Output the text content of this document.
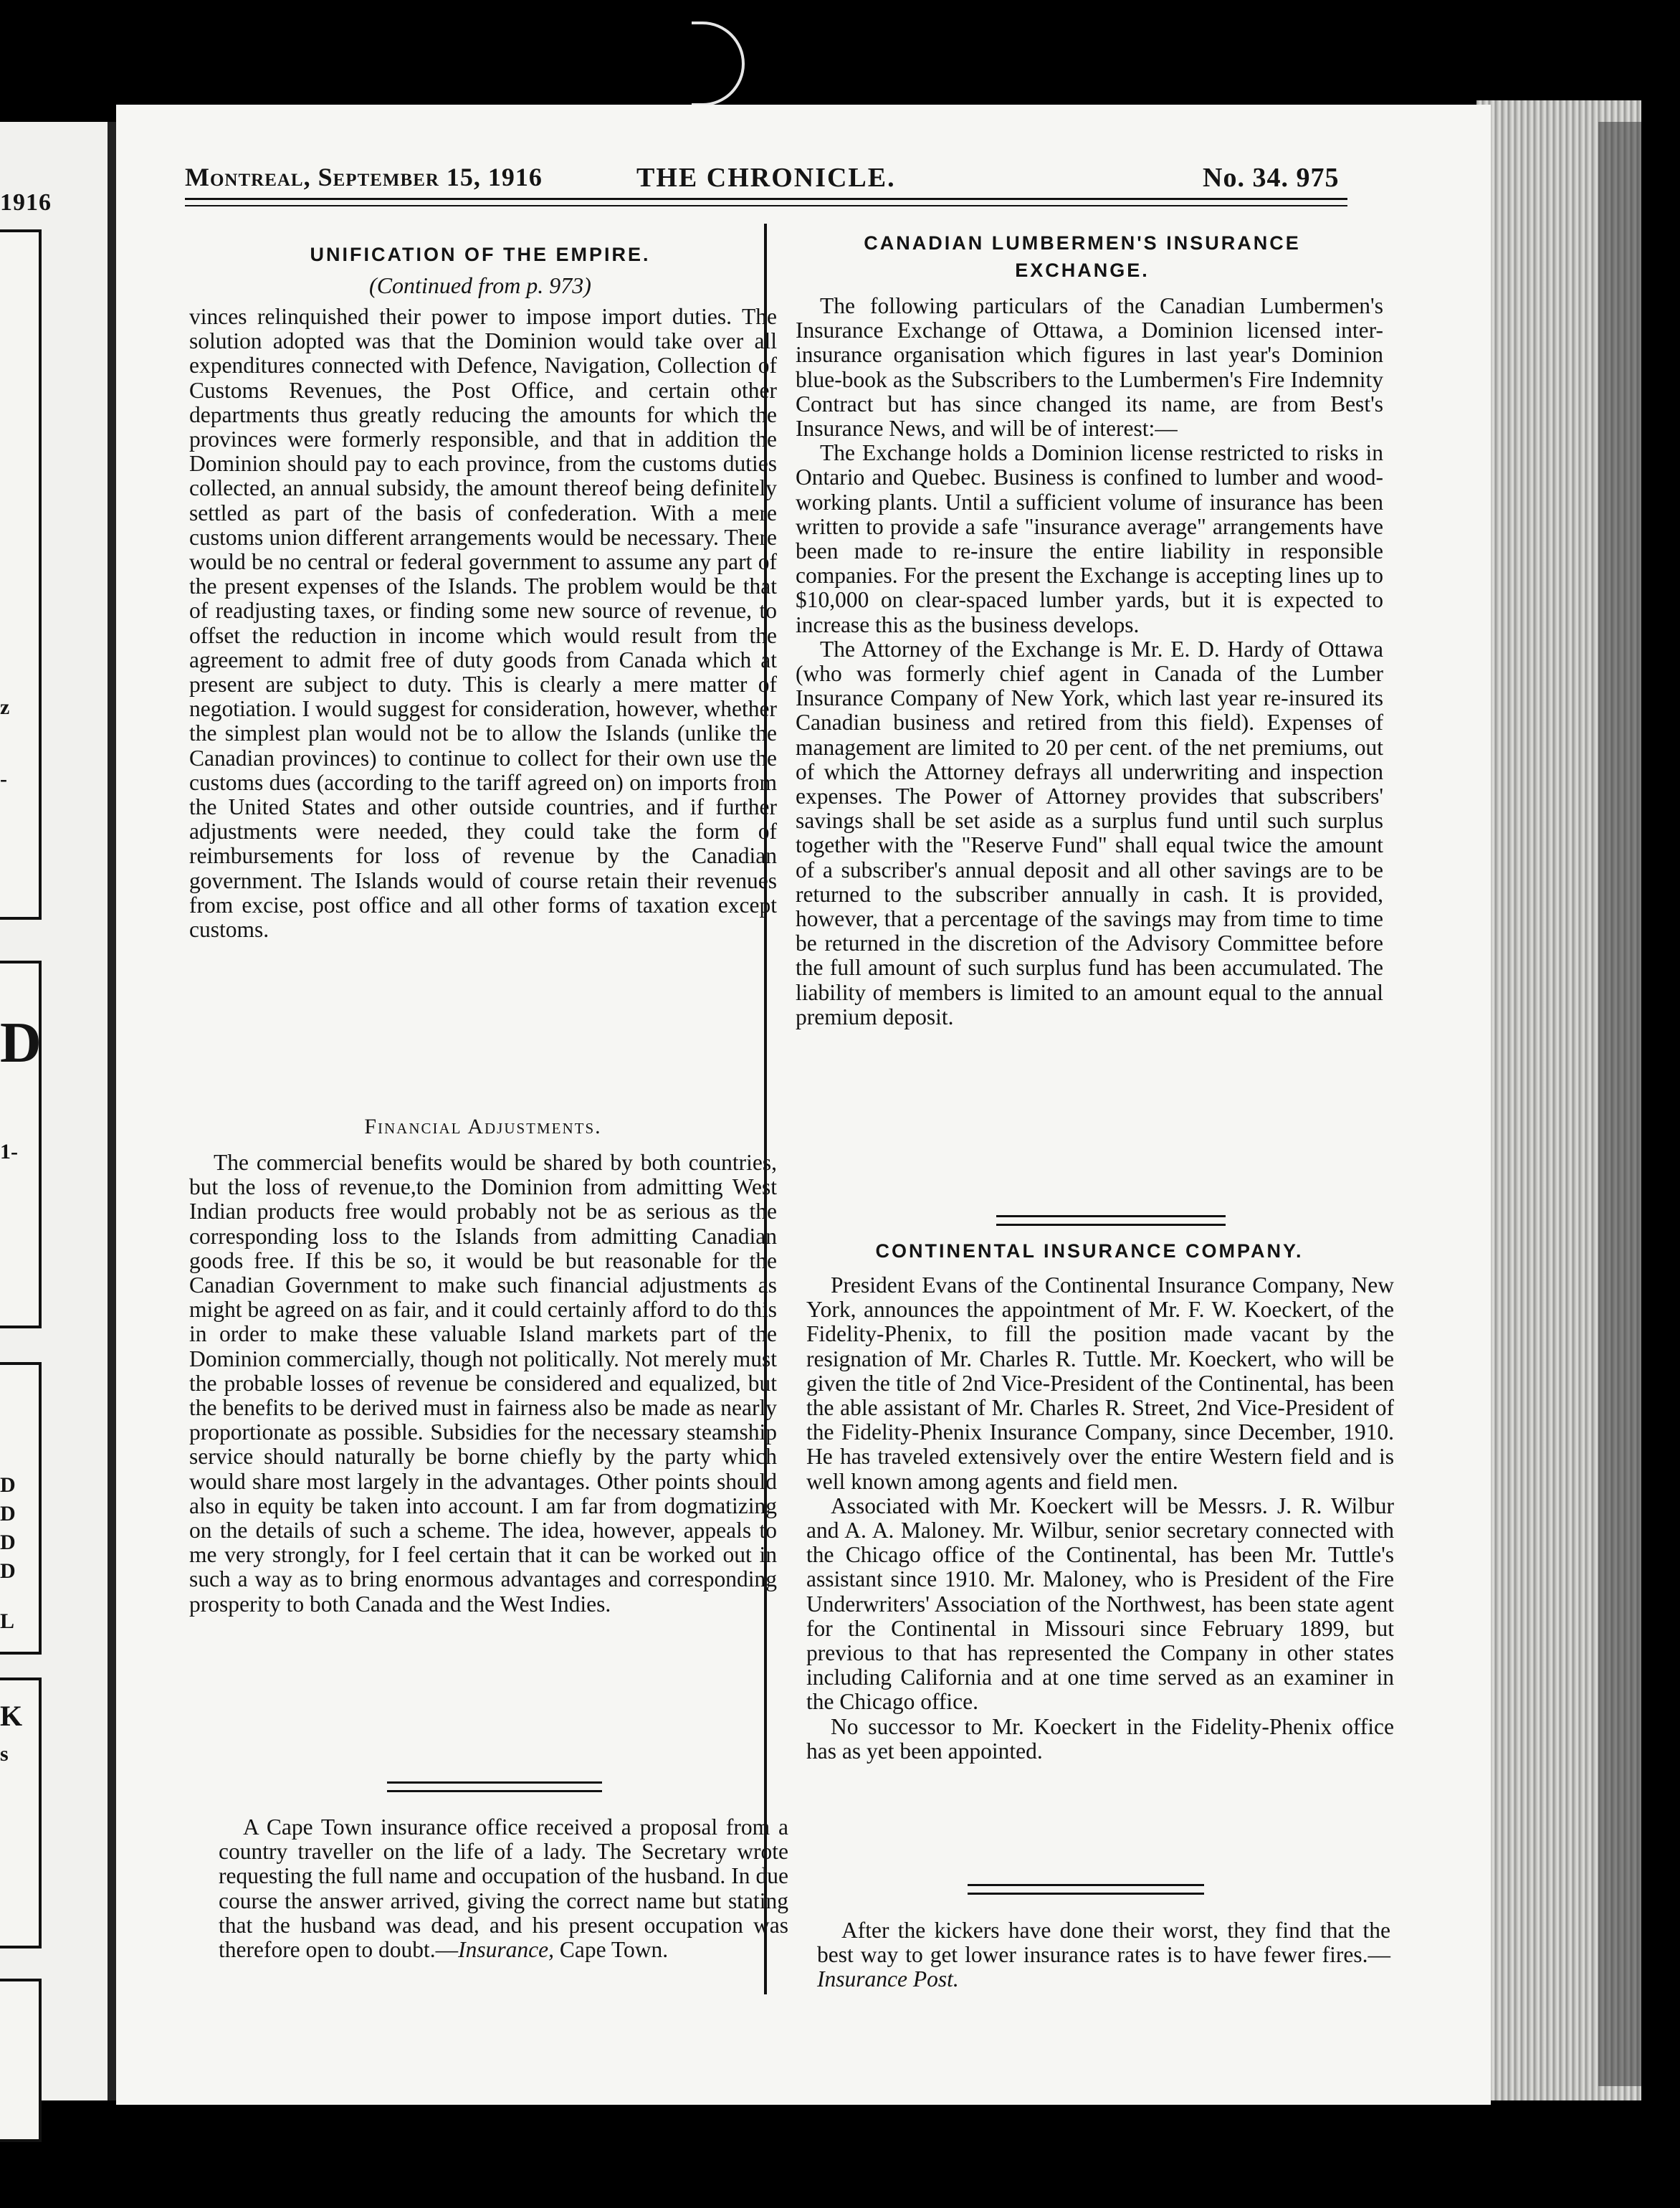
1916
z
-
D
1-
D
D
D
D
L
K
s
Montreal, September 15, 1916	THE CHRONICLE.	No. 34. 975
UNIFICATION OF THE EMPIRE.
(Continued from p. 973)

vinces relinquished their power to impose import duties. The solution adopted was that the Dominion would take over all expenditures connected with Defence, Navigation, Collection of Customs Revenues, the Post Office, and certain other departments thus greatly reducing the amounts for which the provinces were formerly responsible, and that in addition the Dominion should pay to each province, from the customs duties collected, an annual subsidy, the amount thereof being definitely settled as part of the basis of confederation. With a mere customs union different arrangements would be necessary. There would be no central or federal government to assume any part of the present expenses of the Islands. The problem would be that of readjusting taxes, or finding some new source of revenue, to offset the reduction in income which would result from the agreement to admit free of duty goods from Canada which at present are subject to duty. This is clearly a mere matter of negotiation. I would suggest for consideration, however, whether the simplest plan would not be to allow the Islands (unlike the Canadian provinces) to continue to collect for their own use the customs dues (according to the tariff agreed on) on imports from the United States and other outside countries, and if further adjustments were needed, they could take the form of reimbursements for loss of revenue by the Canadian government. The Islands would of course retain their revenues from excise, post office and all other forms of taxation except customs.

Financial Adjustments.

The commercial benefits would be shared by both countries, but the loss of revenue,to the Dominion from admitting West Indian products free would probably not be as serious as the corresponding loss to the Islands from admitting Canadian goods free. If this be so, it would be but reasonable for the Canadian Government to make such financial adjustments as might be agreed on as fair, and it could certainly afford to do this in order to make these valuable Island markets part of the Dominion commercially, though not politically. Not merely must the probable losses of revenue be considered and equalized, but the benefits to be derived must in fairness also be made as nearly proportionate as possible. Subsidies for the necessary steamship service should naturally be borne chiefly by the party which would share most largely in the advantages. Other points should also in equity be taken into account. I am far from dogmatizing on the details of such a scheme. The idea, however, appeals to me very strongly, for I feel certain that it can be worked out in such a way as to bring enormous advantages and corresponding prosperity to both Canada and the West Indies.

A Cape Town insurance office received a proposal from a country traveller on the life of a lady. The Secretary wrote requesting the full name and occupation of the husband. In due course the answer arrived, giving the correct name but stating that the husband was dead, and his present occupation was therefore open to doubt.—Insurance, Cape Town.

CANADIAN LUMBERMEN'S INSURANCE EXCHANGE.

The following particulars of the Canadian Lumbermen's Insurance Exchange of Ottawa, a Dominion licensed inter-insurance organisation which figures in last year's Dominion blue-book as the Subscribers to the Lumbermen's Fire Indemnity Contract but has since changed its name, are from Best's Insurance News, and will be of interest:—

The Exchange holds a Dominion license restricted to risks in Ontario and Quebec. Business is confined to lumber and wood-working plants. Until a sufficient volume of insurance has been written to provide a safe "insurance average" arrangements have been made to re-insure the entire liability in responsible companies. For the present the Exchange is accepting lines up to $10,000 on clear-spaced lumber yards, but it is expected to increase this as the business develops.

The Attorney of the Exchange is Mr. E. D. Hardy of Ottawa (who was formerly chief agent in Canada of the Lumber Insurance Company of New York, which last year re-insured its Canadian business and retired from this field). Expenses of management are limited to 20 per cent. of the net premiums, out of which the Attorney defrays all underwriting and inspection expenses. The Power of Attorney provides that subscribers' savings shall be set aside as a surplus fund until such surplus together with the "Reserve Fund" shall equal twice the amount of a subscriber's annual deposit and all other savings are to be returned to the subscriber annually in cash. It is provided, however, that a percentage of the savings may from time to time be returned in the discretion of the Advisory Committee before the full amount of such surplus fund has been accumulated. The liability of members is limited to an amount equal to the annual premium deposit.

CONTINENTAL INSURANCE COMPANY.

President Evans of the Continental Insurance Company, New York, announces the appointment of Mr. F. W. Koeckert, of the Fidelity-Phenix, to fill the position made vacant by the resignation of Mr. Charles R. Tuttle. Mr. Koeckert, who will be given the title of 2nd Vice-President of the Continental, has been the able assistant of Mr. Charles R. Street, 2nd Vice-President of the Fidelity-Phenix Insurance Company, since December, 1910. He has traveled extensively over the entire Western field and is well known among agents and field men.

Associated with Mr. Koeckert will be Messrs. J. R. Wilbur and A. A. Maloney. Mr. Wilbur, senior secretary connected with the Chicago office of the Continental, has been Mr. Tuttle's assistant since 1910. Mr. Maloney, who is President of the Fire Underwriters' Association of the Northwest, has been state agent for the Continental in Missouri since February 1899, but previous to that has represented the Company in other states including California and at one time served as an examiner in the Chicago office.

No successor to Mr. Koeckert in the Fidelity-Phenix office has as yet been appointed.

After the kickers have done their worst, they find that the best way to get lower insurance rates is to have fewer fires.—Insurance Post.
